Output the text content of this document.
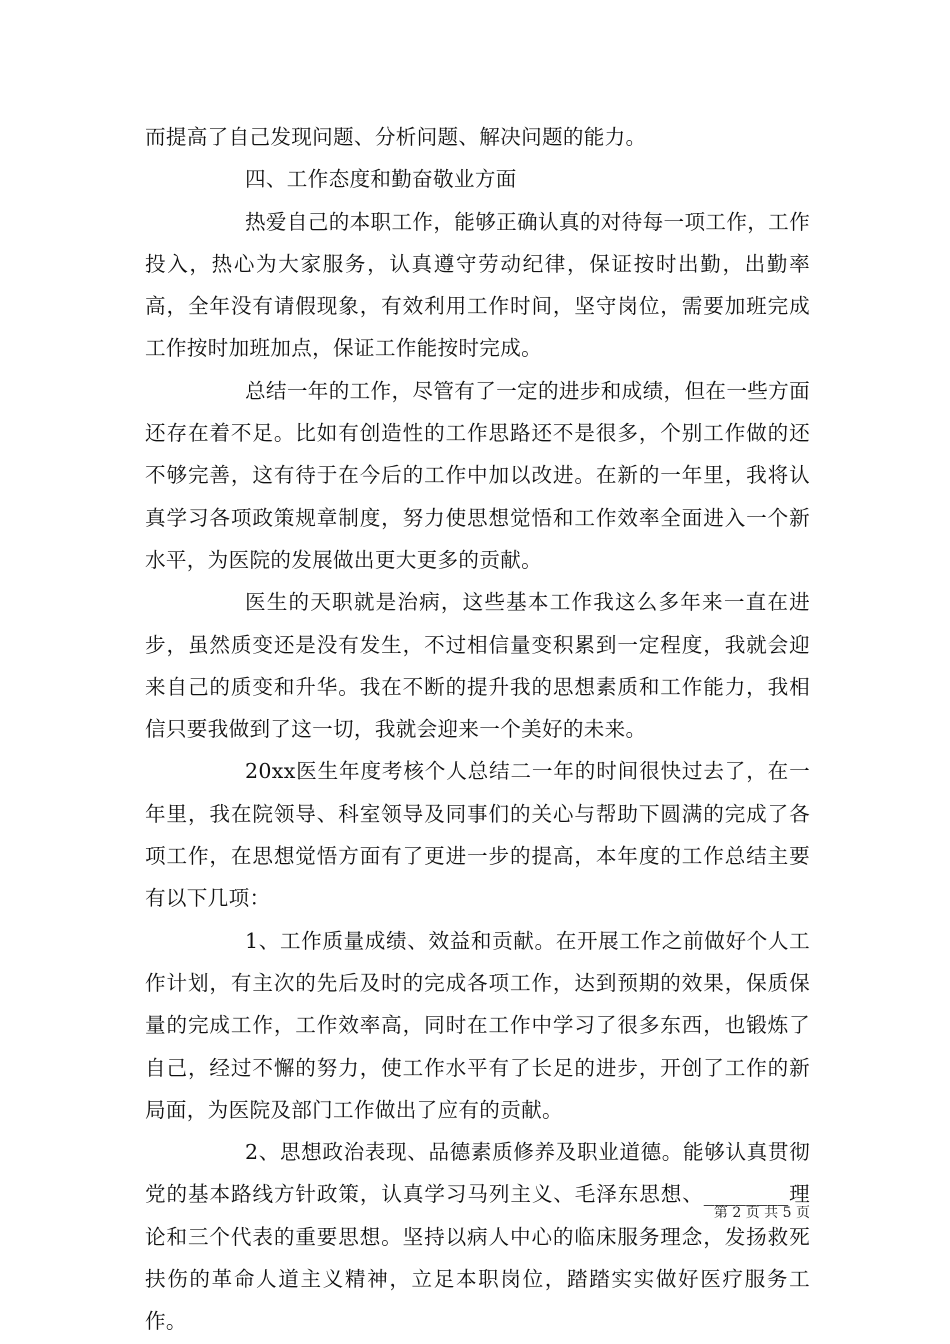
而提高了自己发现问题、分析问题、解决问题的能力。

四、工作态度和勤奋敬业方面

热爱自己的本职工作，能够正确认真的对待每一项工作，工作投入，热心为大家服务，认真遵守劳动纪律，保证按时出勤，出勤率高，全年没有请假现象，有效利用工作时间，坚守岗位，需要加班完成工作按时加班加点，保证工作能按时完成。

总结一年的工作，尽管有了一定的进步和成绩，但在一些方面还存在着不足。比如有创造性的工作思路还不是很多，个别工作做的还不够完善，这有待于在今后的工作中加以改进。在新的一年里，我将认真学习各项政策规章制度，努力使思想觉悟和工作效率全面进入一个新水平，为医院的发展做出更大更多的贡献。

医生的天职就是治病，这些基本工作我这么多年来一直在进步，虽然质变还是没有发生，不过相信量变积累到一定程度，我就会迎来自己的质变和升华。我在不断的提升我的思想素质和工作能力，我相信只要我做到了这一切，我就会迎来一个美好的未来。

20xx医生年度考核个人总结二一年的时间很快过去了，在一年里，我在院领导、科室领导及同事们的关心与帮助下圆满的完成了各项工作，在思想觉悟方面有了更进一步的提高，本年度的工作总结主要有以下几项：

1、工作质量成绩、效益和贡献。在开展工作之前做好个人工作计划，有主次的先后及时的完成各项工作，达到预期的效果，保质保量的完成工作，工作效率高，同时在工作中学习了很多东西，也锻炼了自己，经过不懈的努力，使工作水平有了长足的进步，开创了工作的新局面，为医院及部门工作做出了应有的贡献。

2、思想政治表现、品德素质修养及职业道德。能够认真贯彻党的基本路线方针政策，认真学习马列主义、毛泽东思想、________理论和三个代表的重要思想。坚持以病人中心的临床服务理念，发扬救死扶伤的革命人道主义精神，立足本职岗位，踏踏实实做好医疗服务工作。

第 2 页 共 5 页
